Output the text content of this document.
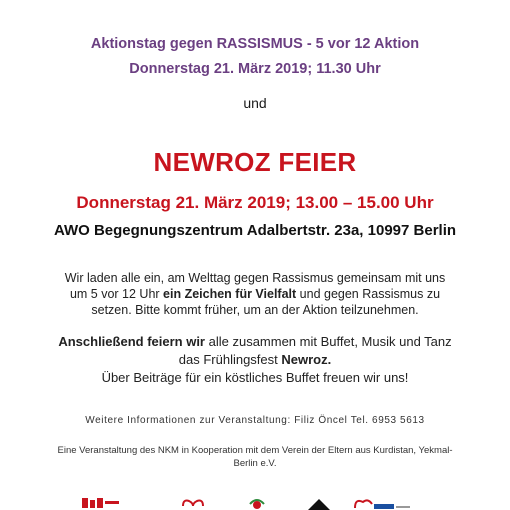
Aktionstag gegen RASSISMUS - 5 vor 12 Aktion
Donnerstag 21. März 2019; 11.30 Uhr
und
NEWROZ FEIER
Donnerstag 21. März 2019; 13.00 – 15.00 Uhr
AWO Begegnungszentrum Adalbertstr. 23a, 10997 Berlin
Wir laden alle ein, am Welttag gegen Rassismus gemeinsam mit uns
um 5 vor 12 Uhr ein Zeichen für Vielfalt und gegen Rassismus zu
setzen. Bitte kommt früher, um an der Aktion teilzunehmen.
Anschließend feiern wir alle zusammen mit Buffet, Musik und Tanz
das Frühlingsfest Newroz.
Über Beiträge für ein köstliches Buffet freuen wir uns!
Weitere Informationen zur Veranstaltung: Filiz Öncel Tel. 6953 5613
Eine Veranstaltung des NKM in Kooperation mit dem Verein der Eltern aus Kurdistan, Yekmal-
Berlin e.V.
